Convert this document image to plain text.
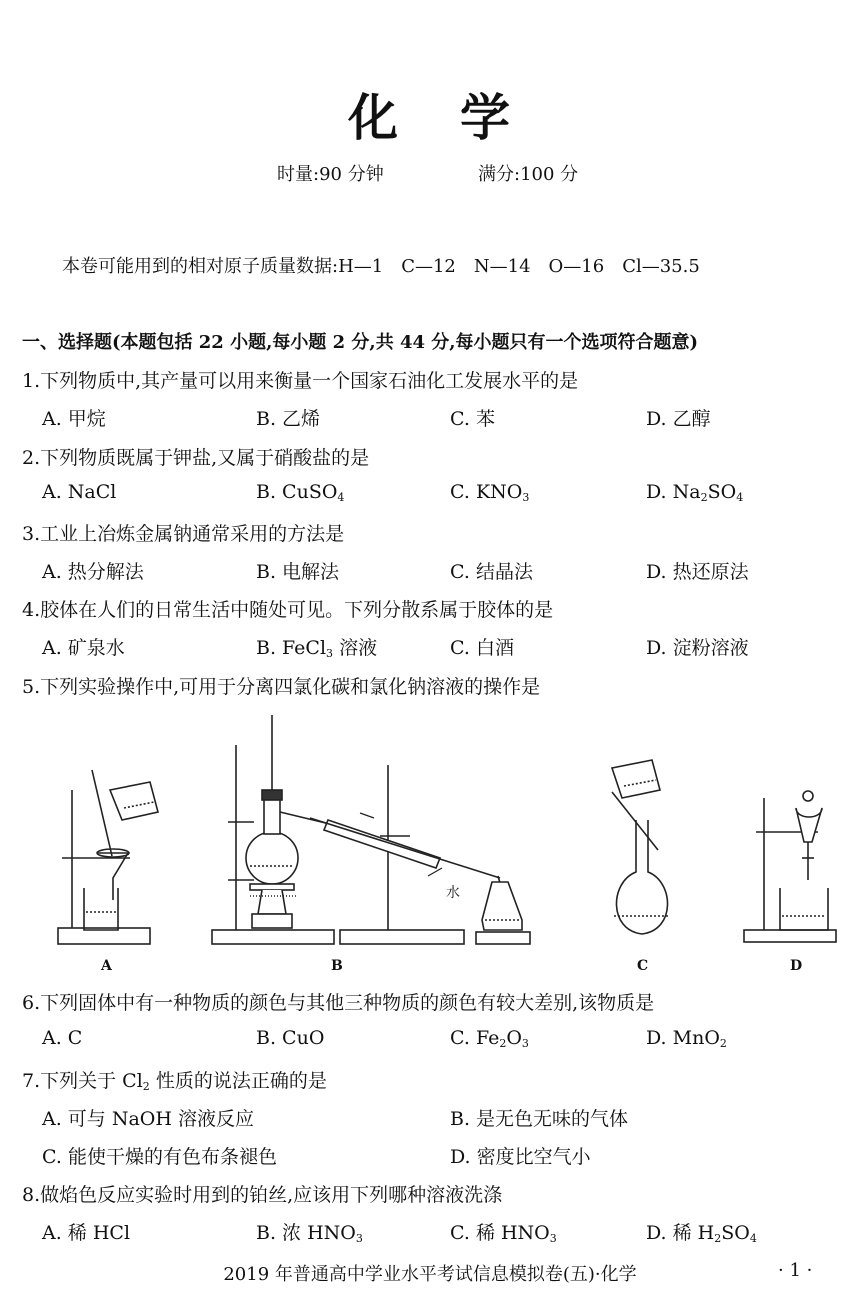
化 学
时量:90 分钟	满分:100 分
本卷可能用到的相对原子质量数据:H—1　C—12　N—14　O—16　Cl—35.5
一、选择题(本题包括 22 小题,每小题 2 分,共 44 分,每小题只有一个选项符合题意)
1.下列物质中,其产量可以用来衡量一个国家石油化工发展水平的是
A. 甲烷	B. 乙烯	C. 苯	D. 乙醇
2.下列物质既属于钾盐,又属于硝酸盐的是
A. NaCl	B. CuSO$_4$	C. $KNO_3$	D. $Na_2SO_4$
3.工业上冶炼金属钠通常采用的方法是
A. 热分解法	B. 电解法	C. 结晶法	D. 热还原法
4.胶体在人们的日常生活中随处可见。下列分散系属于胶体的是
A. 矿泉水	B. FeCl$_3$ 溶液	C. 白酒	D. 淀粉溶液
5.下列实验操作中,可用于分离四氯化碳和氯化钠溶液的操作是
水
A	B	C	D
6.下列固体中有一种物质的颜色与其他三种物质的颜色有较大差别,该物质是
A. C	B. CuO	C. $Fe_2O_3$	D. MnO$_2$
7.下列关于 $Cl_2$ 性质的说法正确的是
A. 可与 NaOH 溶液反应	B. 是无色无味的气体
C. 能使干燥的有色布条褪色	D. 密度比空气小
8.做焰色反应实验时用到的铂丝,应该用下列哪种溶液洗涤
A. 稀 HCl	B. 浓 $HNO_3$	C. 稀 $HNO_3$	D. 稀 $H_2SO_4$
2019 年普通高中学业水平考试信息模拟卷(五)·化学	· 1 ·
